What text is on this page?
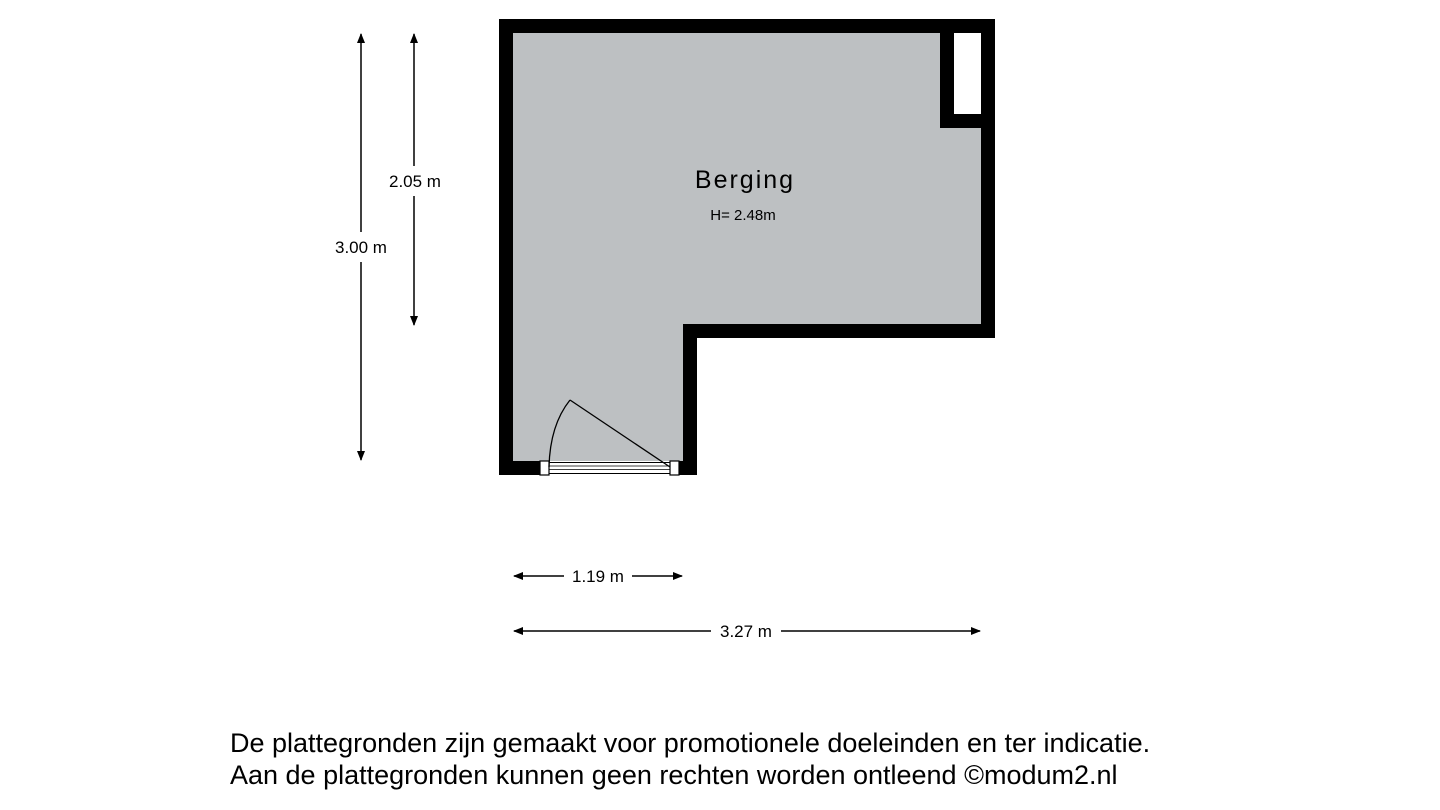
Berging
H= 2.48m
3.00 m
2.05 m
1.19 m
3.27 m
De plattegronden zijn gemaakt voor promotionele doeleinden en ter indicatie.
Aan de plattegronden kunnen geen rechten worden ontleend ©modum2.nl
